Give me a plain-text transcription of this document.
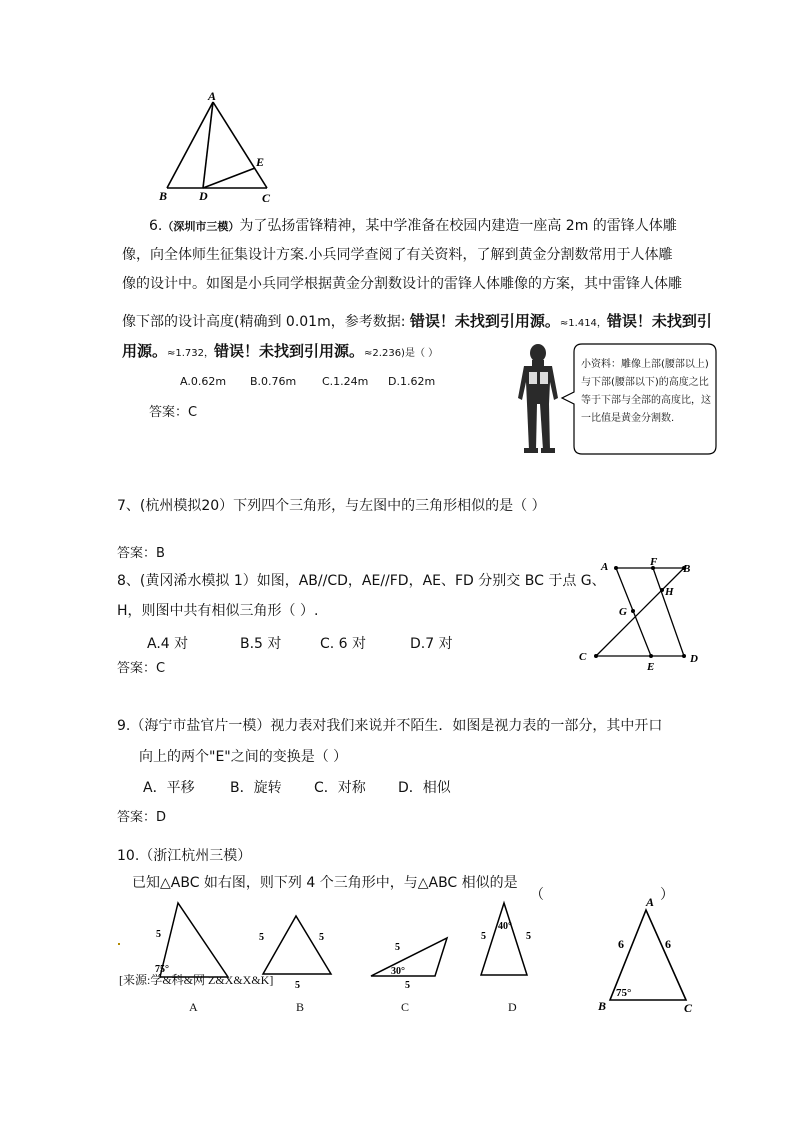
A
B	D	C
E
6.（深圳市三模）为了弘扬雷锋精神，某中学准备在校园内建造一座高 2m 的雷锋人体雕
像，向全体师生征集设计方案.小兵同学查阅了有关资料，了解到黄金分割数常用于人体雕
像的设计中。如图是小兵同学根据黄金分割数设计的雷锋人体雕像的方案，其中雷锋人体雕
像下部的设计高度(精确到 0.01m，参考数据: 错误！未找到引用源。≈1.414，错误！未找到引
用源。≈1.732，错误！未找到引用源。≈2.236)是（ ）
A.0.62m B.0.76m C.1.24m D.1.62m
答案：C
小资料：雕像上部(腰部以上)与下部(腰部以下)的高度之比等于下部与全部的高度比，这一比值是黄金分割数.
7、(杭州模拟20）下列四个三角形，与左图中的三角形相似的是（ ）
答案：B
8、(黄冈浠水模拟 1）如图，AB//CD，AE//FD，AE、FD 分别交 BC 于点 G、
H，则图中共有相似三角形（ ）.
A.4 对	B.5 对	C. 6 对	D.7 对
答案：C
A	F
B
H
G
C
E
D
9.（海宁市盐官片一模）视力表对我们来说并不陌生．如图是视力表的一部分，其中开口
向上的两个"E"之间的变换是（ ）
A．平移	B．旋转 C．对称 D．相似
答案：D
10.（浙江杭州三模）
已知△ABC 如右图，则下列 4 个三角形中，与△ABC 相似的是
（	）
5
75°
[来源:学&科&网 Z&X&X&K]
5	5
5
5
5
30°
5	5
40°
A	B	C	D
A
B	C
6	6
75°
